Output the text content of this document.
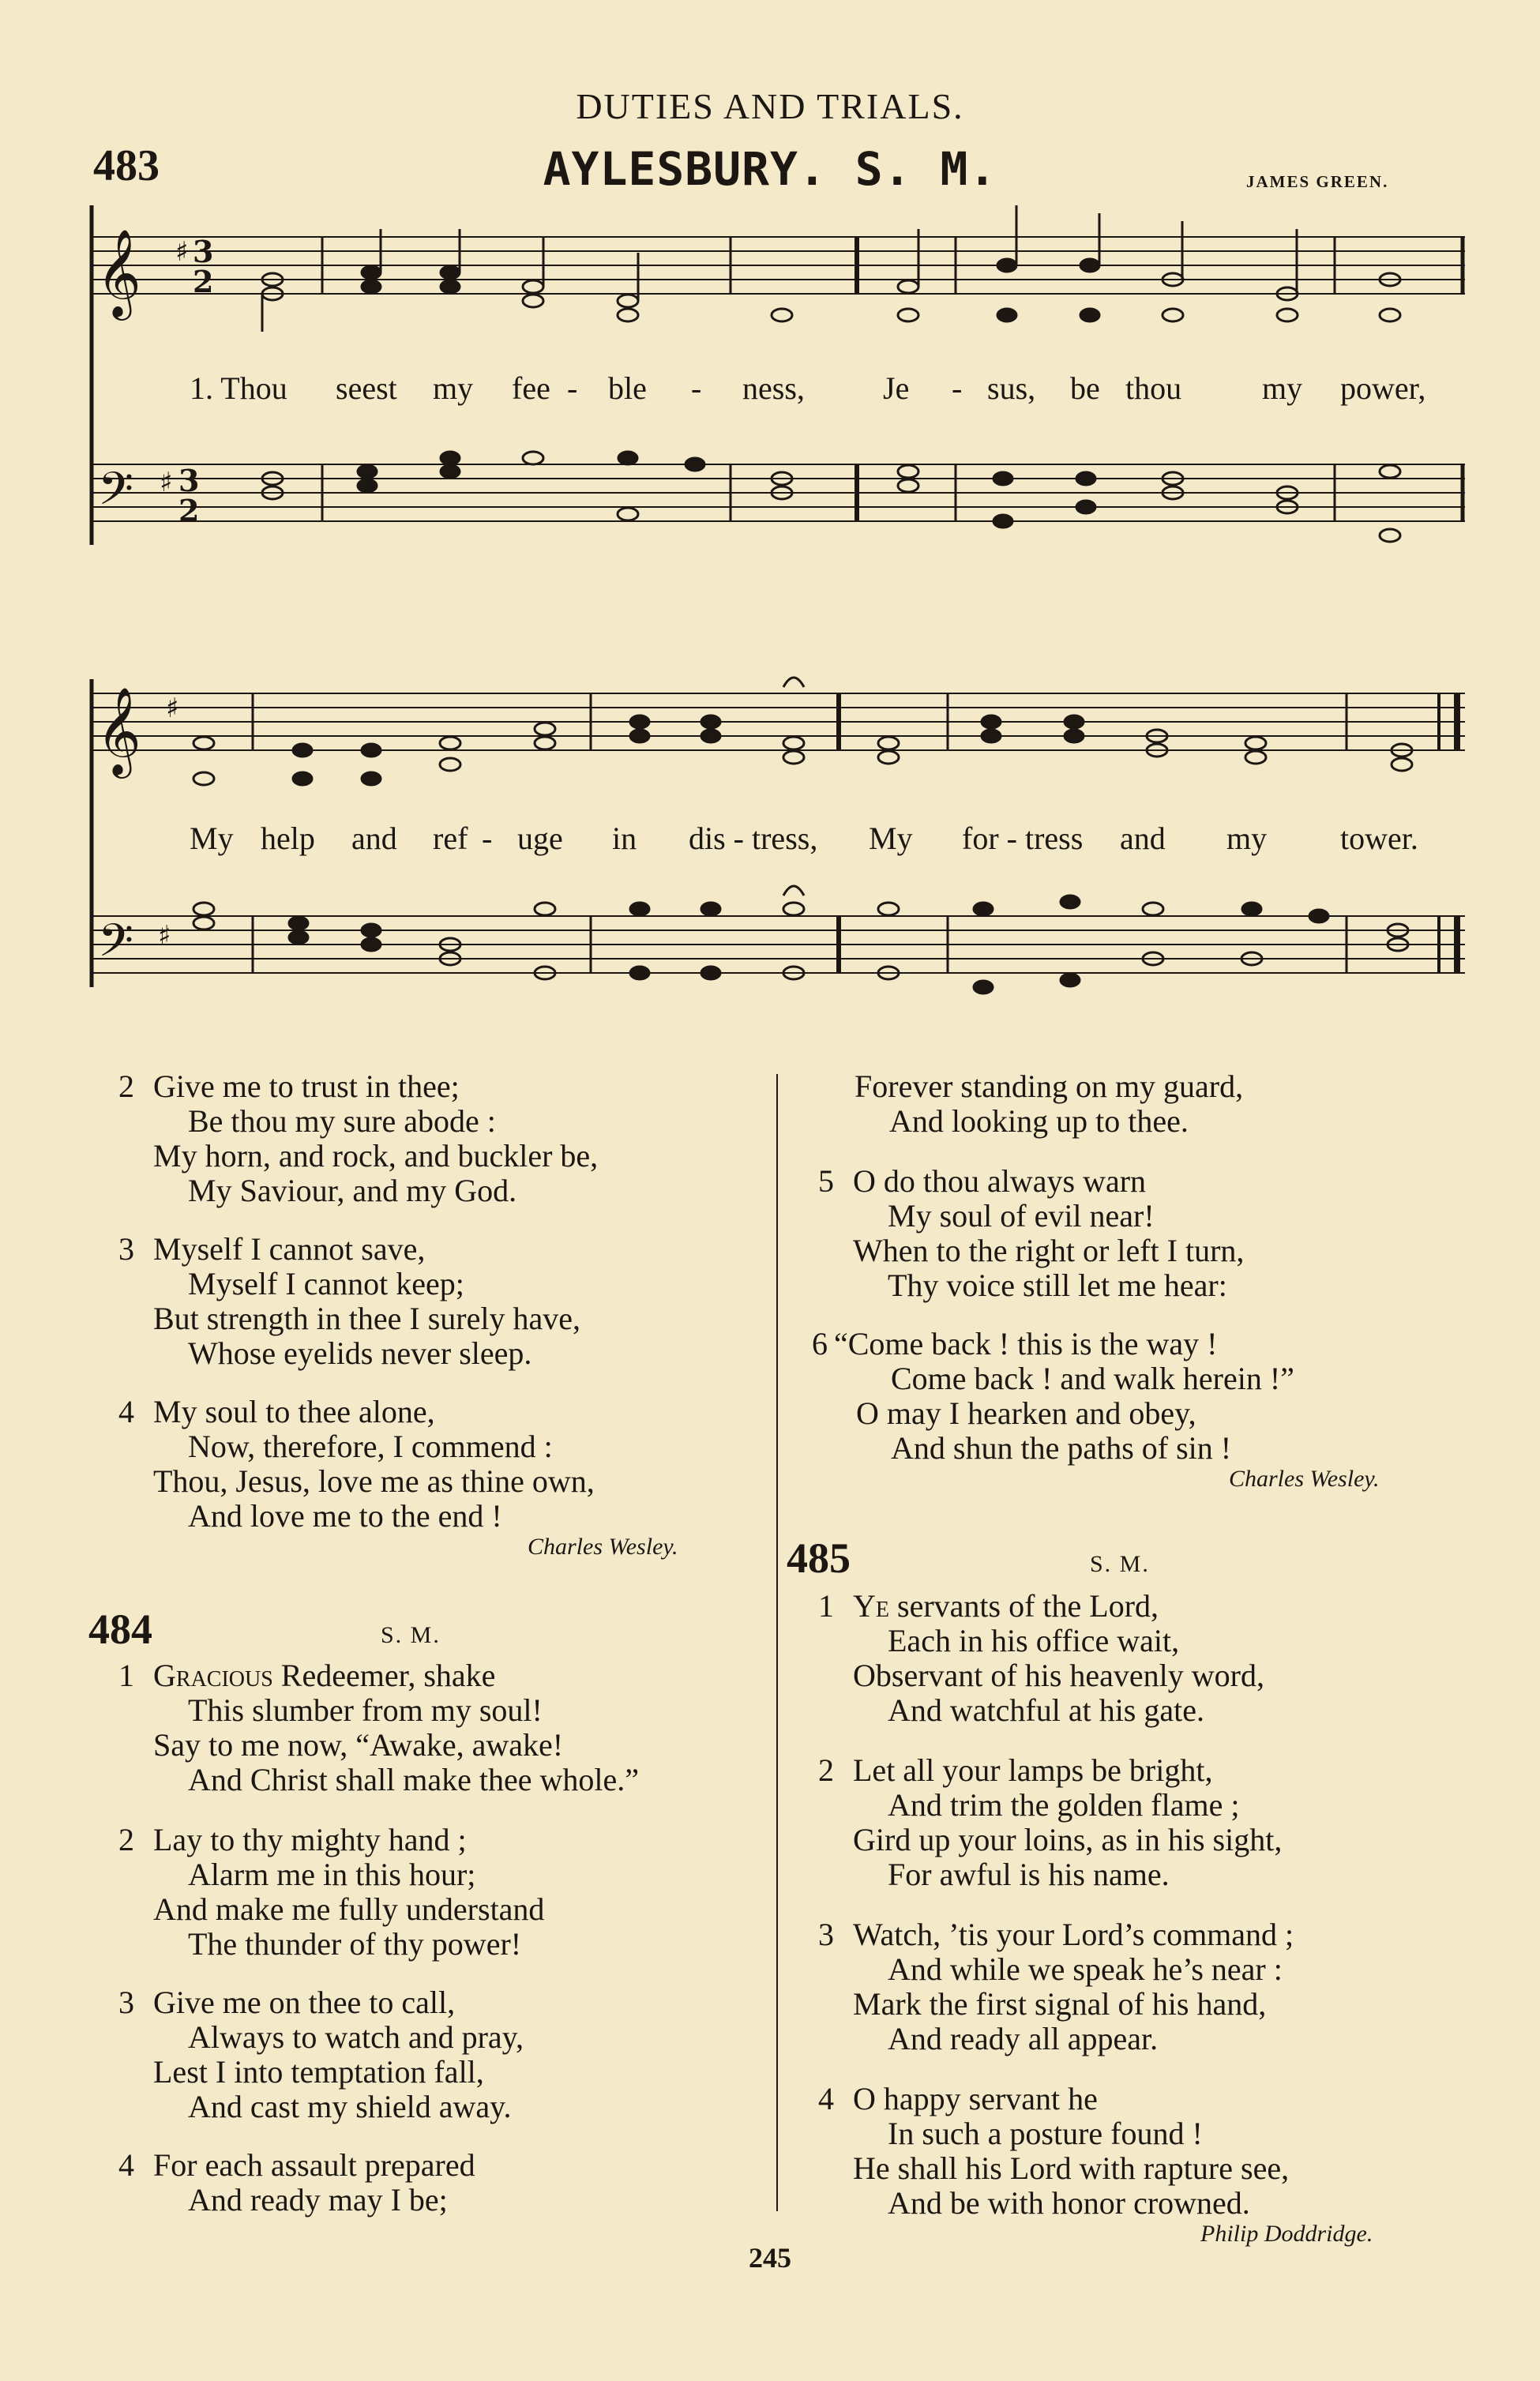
DUTIES AND TRIALS.
483	AYLESBURY. S. M.	JAMES GREEN.
𝄞 ♯ 3
2
𝄢 ♯ 3
2
𝄞 ♯
𝄢 ♯
1. Thou seest my fee - ble - ness, Je - sus, be thou	my power,
My help and ref - uge in dis - tress, My for - tress and my tower.
2 Give me to trust in thee;
Be thou my sure abode :
My horn, and rock, and buckler be,
My Saviour, and my God.
3 Myself I cannot save,
Myself I cannot keep;
But strength in thee I surely have,
Whose eyelids never sleep.
4 My soul to thee alone,
Now, therefore, I commend :
Thou, Jesus, love me as thine own,
And love me to the end !
Charles Wesley.
484	S. M.
1 Gracious Redeemer, shake
This slumber from my soul!
Say to me now, “Awake, awake!
And Christ shall make thee whole.”
2 Lay to thy mighty hand ;
Alarm me in this hour;
And make me fully understand
The thunder of thy power!
3 Give me on thee to call,
Always to watch and pray,
Lest I into temptation fall,
And cast my shield away.
4 For each assault prepared
And ready may I be;
Forever standing on my guard,
And looking up to thee.
5 O do thou always warn
My soul of evil near!
When to the right or left I turn,
Thy voice still let me hear:
6 “Come back ! this is the way !
Come back ! and walk herein !”
O may I hearken and obey,
And shun the paths of sin !
Charles Wesley.
485	S. M.
1 Ye servants of the Lord,
Each in his office wait,
Observant of his heavenly word,
And watchful at his gate.
2 Let all your lamps be bright,
And trim the golden flame ;
Gird up your loins, as in his sight,
For awful is his name.
3 Watch, ’tis your Lord’s command ;
And while we speak he’s near :
Mark the first signal of his hand,
And ready all appear.
4 O happy servant he
In such a posture found !
He shall his Lord with rapture see,
And be with honor crowned.
Philip Doddridge.
245
